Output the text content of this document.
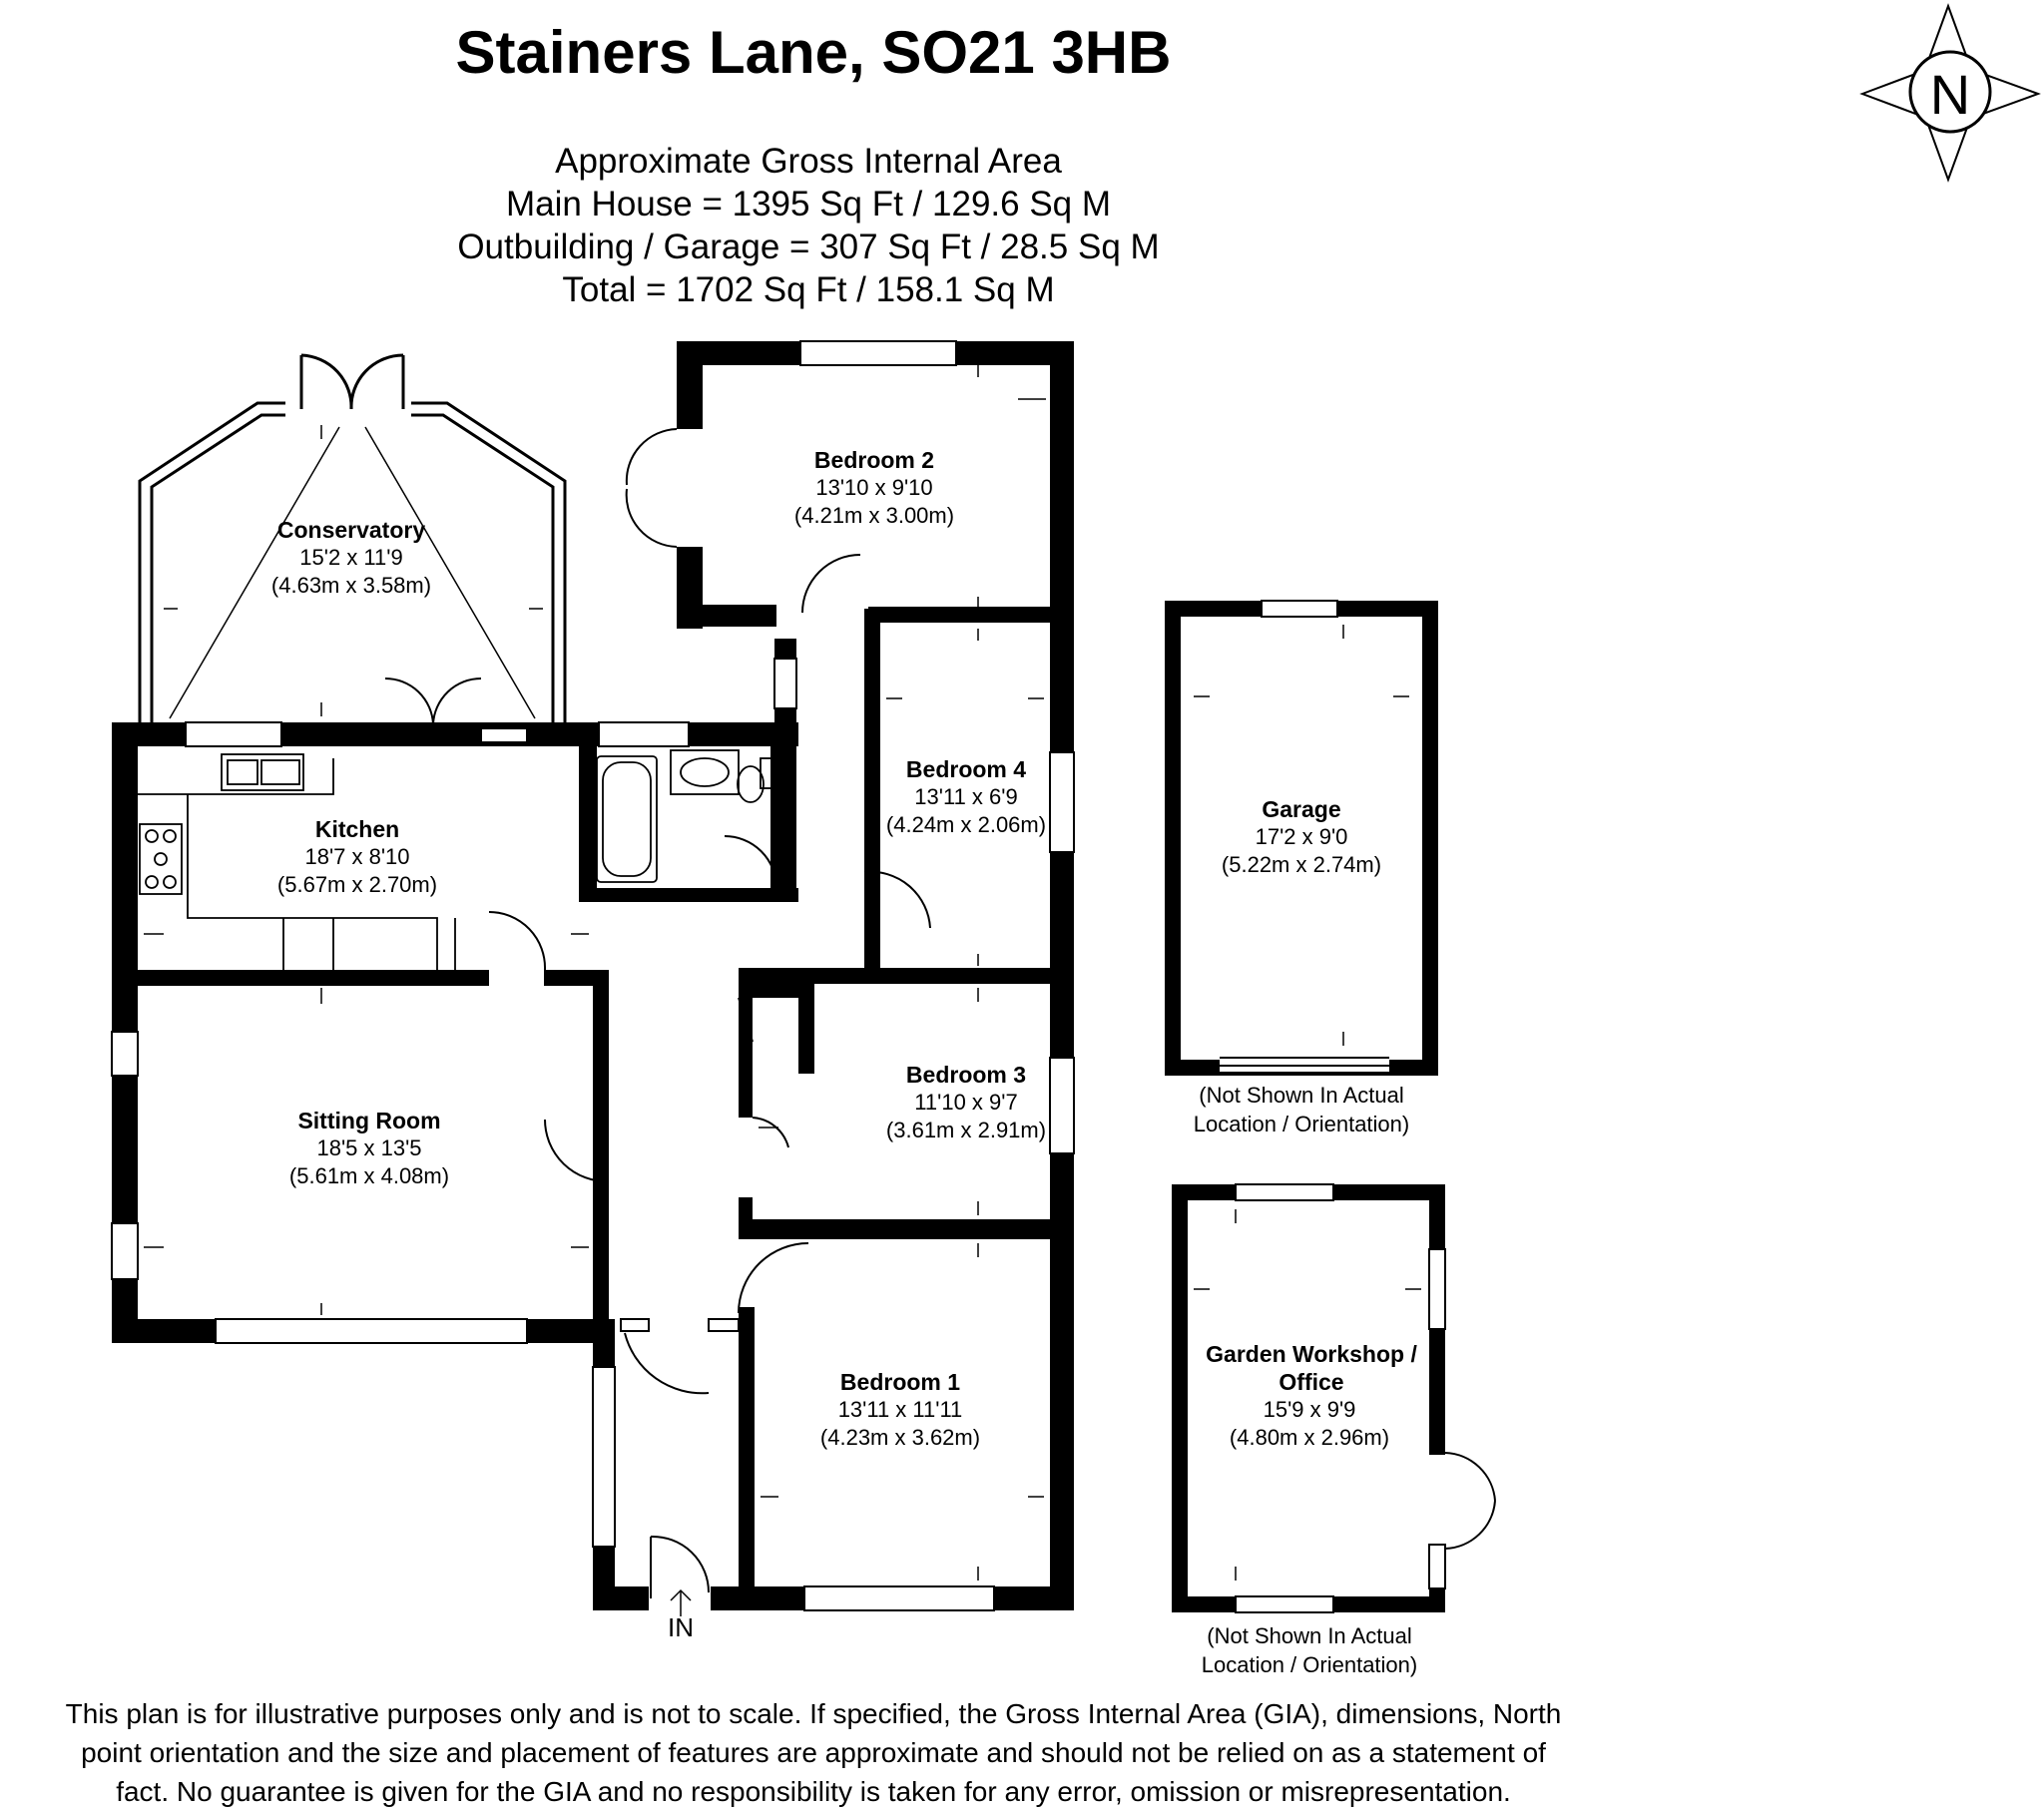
Stainers Lane, SO21 3HB
Approximate Gross Internal Area
Main House = 1395 Sq Ft / 129.6 Sq M
Outbuilding / Garage = 307 Sq Ft / 28.5 Sq M
Total = 1702 Sq Ft / 158.1 Sq M
N
Conservatory
15'2 x 11'9
(4.63m x 3.58m)
Bedroom 2
13'10 x 9'10
(4.21m x 3.00m)
Kitchen
18'7 x 8'10
(5.67m x 2.70m)
Bedroom 4
13'11 x 6'9
(4.24m x 2.06m)
Bedroom 3
11'10 x 9'7
(3.61m x 2.91m)
Sitting Room
18'5 x 13'5
(5.61m x 4.08m)
Bedroom 1
13'11 x 11'11
(4.23m x 3.62m)
Garage
17'2 x 9'0
(5.22m x 2.74m)
(Not Shown In Actual
Location / Orientation)
Garden Workshop /
Office
15'9 x 9'9
(4.80m x 2.96m)
(Not Shown In Actual
Location / Orientation)
IN
This plan is for illustrative purposes only and is not to scale. If specified, the Gross Internal Area (GIA), dimensions, North
point orientation and the size and placement of features are approximate and should not be relied on as a statement of
fact. No guarantee is given for the GIA and no responsibility is taken for any error, omission or misrepresentation.
